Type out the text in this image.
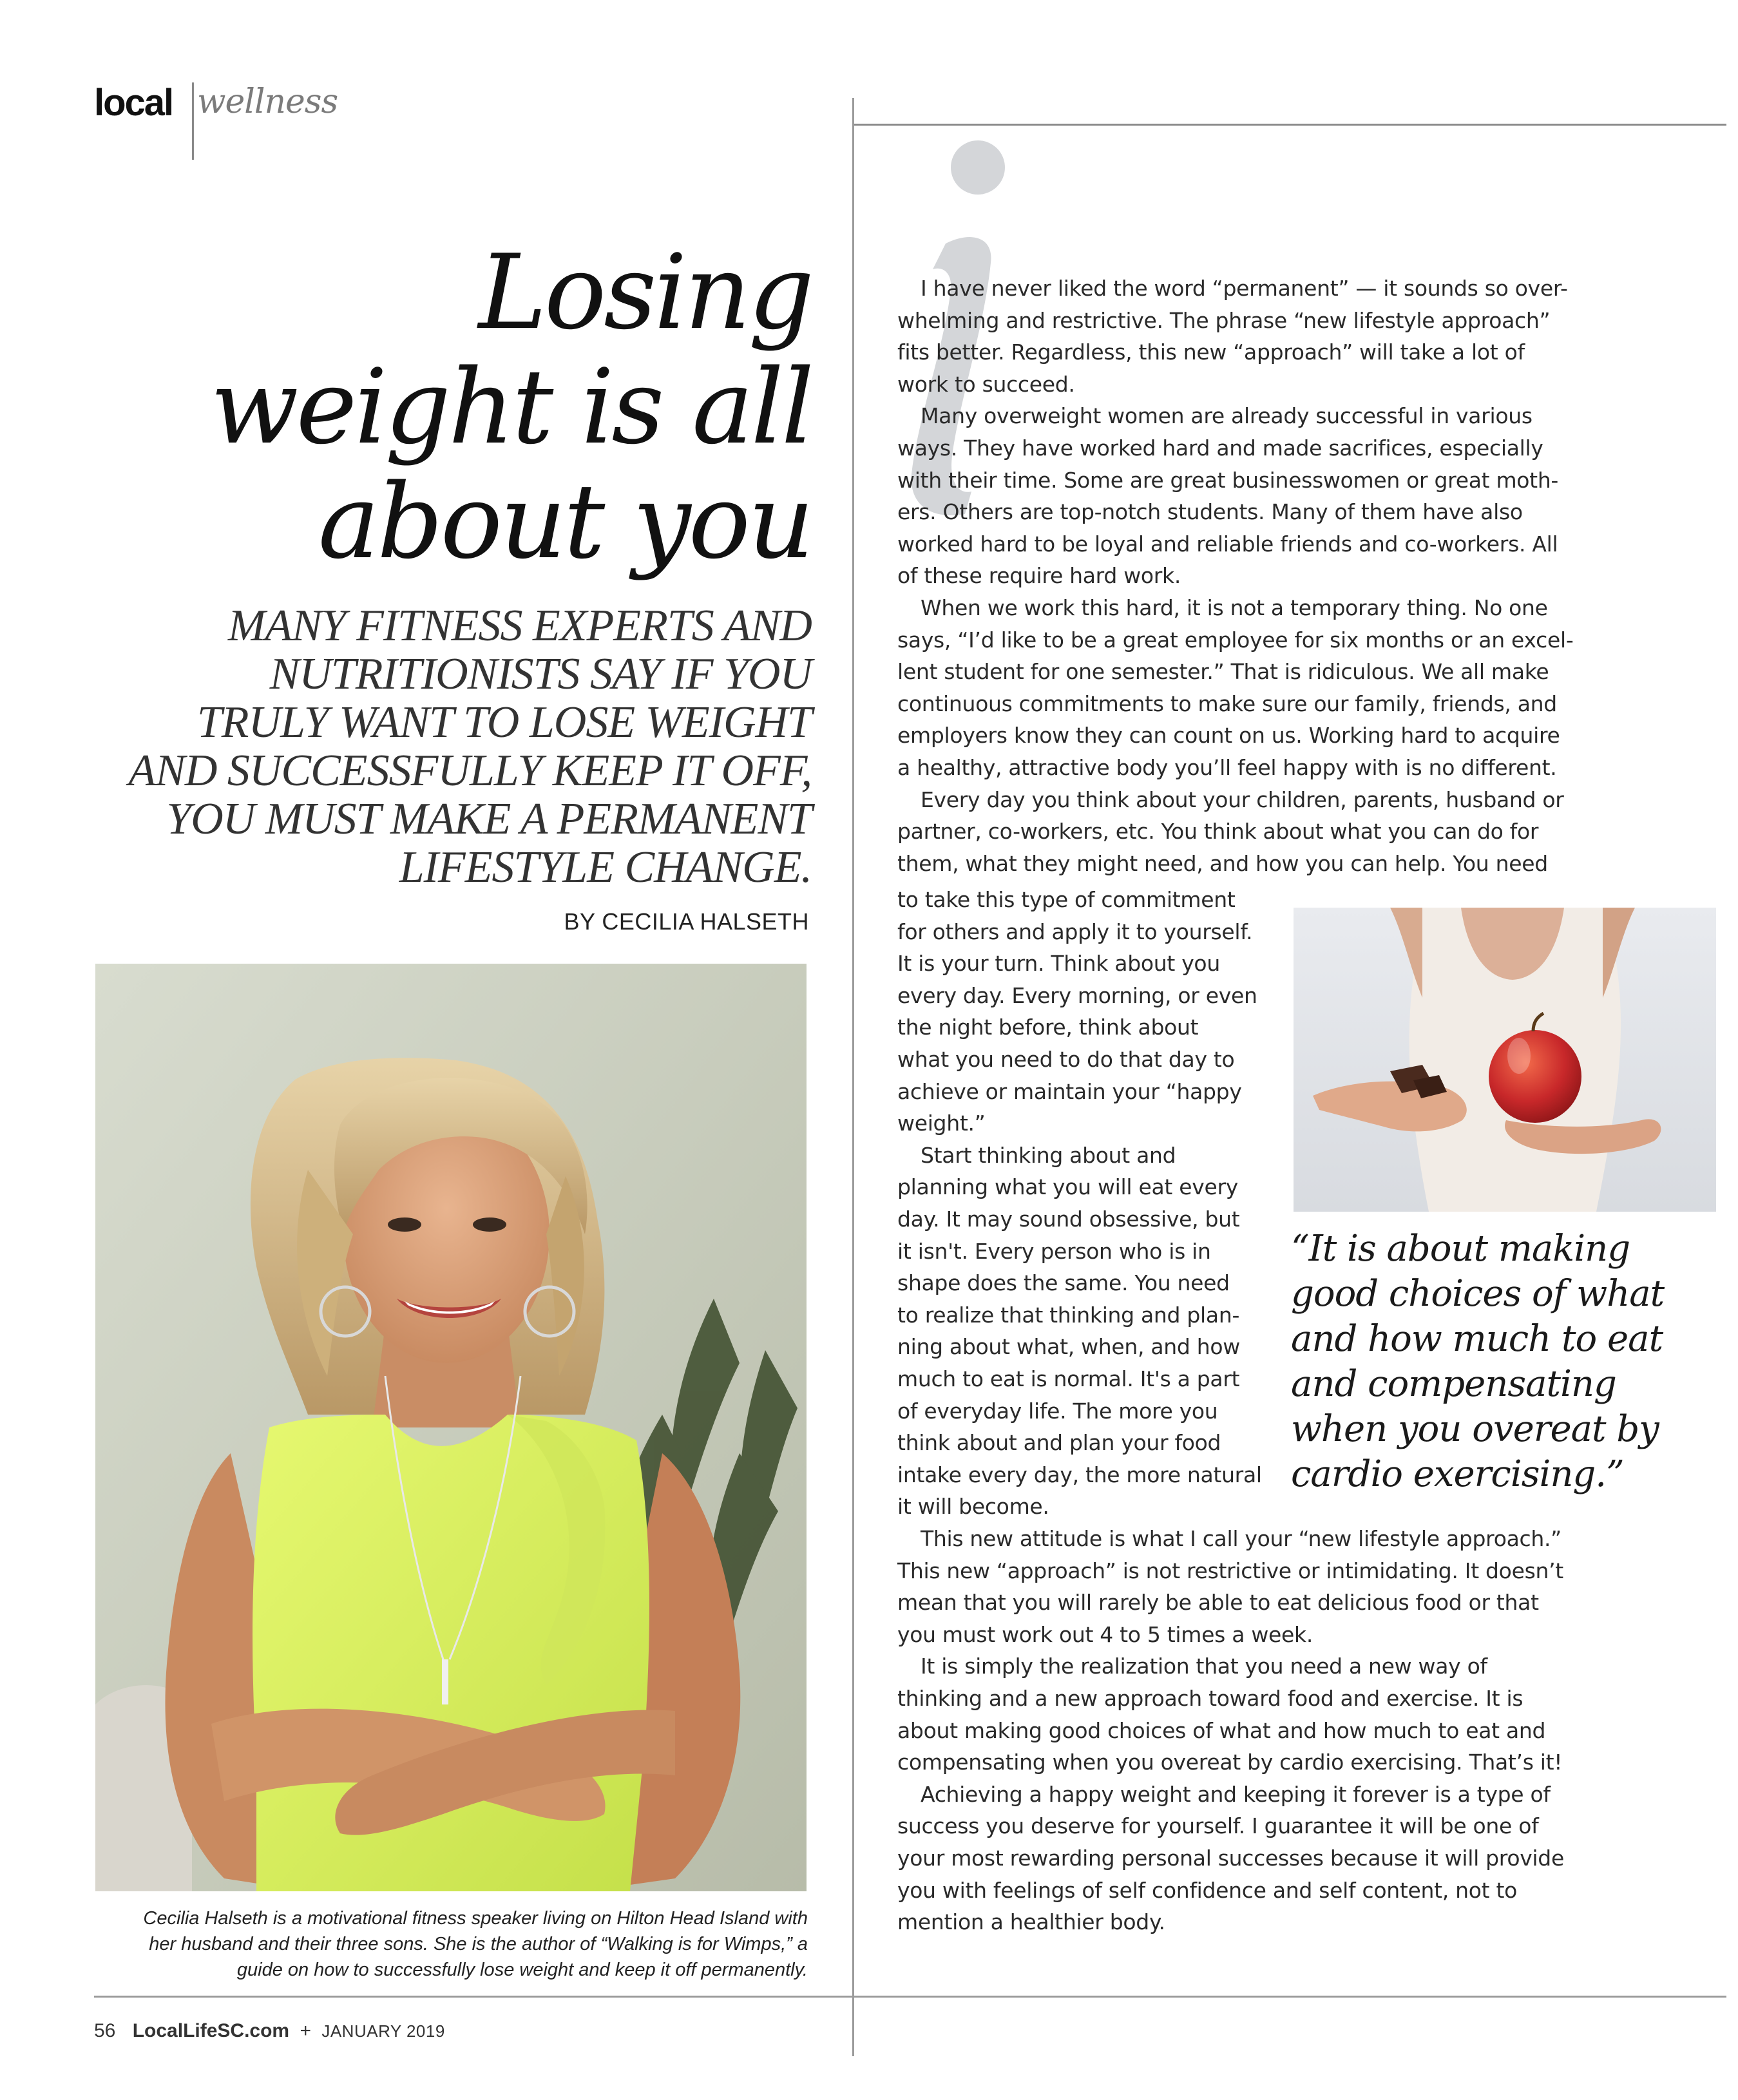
local wellness
Losing
weight is all
about you
MANY FITNESS EXPERTS AND
NUTRITIONISTS SAY IF YOU
TRULY WANT TO LOSE WEIGHT
AND SUCCESSFULLY KEEP IT OFF,
YOU MUST MAKE A PERMANENT
LIFESTYLE CHANGE.
BY CECILIA HALSETH
Cecilia Halseth is a motivational fitness speaker living on Hilton Head Island with
her husband and their three sons. She is the author of “Walking is for Wimps,” a
guide on how to successfully lose weight and keep it off permanently.

I have never liked the word “permanent” — it sounds so over-
whelming and restrictive. The phrase “new lifestyle approach”
fits better. Regardless, this new “approach” will take a lot of
work to succeed.

Many overweight women are already successful in various
ways. They have worked hard and made sacrifices, especially
with their time. Some are great businesswomen or great moth-
ers. Others are top-notch students. Many of them have also
worked hard to be loyal and reliable friends and co-workers. All
of these require hard work.

When we work this hard, it is not a temporary thing. No one
says, “I’d like to be a great employee for six months or an excel-
lent student for one semester.” That is ridiculous. We all make
continuous commitments to make sure our family, friends, and
employers know they can count on us. Working hard to acquire
a healthy, attractive body you’ll feel happy with is no different.

Every day you think about your children, parents, husband or
partner, co-workers, etc. You think about what you can do for
them, what they might need, and how you can help. You need

to take this type of commitment
for others and apply it to yourself.
It is your turn. Think about you
every day. Every morning, or even
the night before, think about
what you need to do that day to
achieve or maintain your “happy
weight.”

Start thinking about and
planning what you will eat every
day. It may sound obsessive, but
it isn't. Every person who is in
shape does the same. You need
to realize that thinking and plan-
ning about what, when, and how
much to eat is normal. It's a part
of everyday life. The more you
think about and plan your food
intake every day, the more natural
it will become.

“It is about making
good choices of what
and how much to eat
and compensating
when you overeat by
cardio exercising.”

This new attitude is what I call your “new lifestyle approach.”
This new “approach” is not restrictive or intimidating. It doesn’t
mean that you will rarely be able to eat delicious food or that
you must work out 4 to 5 times a week.

It is simply the realization that you need a new way of
thinking and a new approach toward food and exercise. It is
about making good choices of what and how much to eat and
compensating when you overeat by cardio exercising. That’s it!

Achieving a happy weight and keeping it forever is a type of
success you deserve for yourself. I guarantee it will be one of
your most rewarding personal successes because it will provide
you with feelings of self confidence and self content, not to
mention a healthier body.

56 LocalLifeSC.com + JANUARY 2019
